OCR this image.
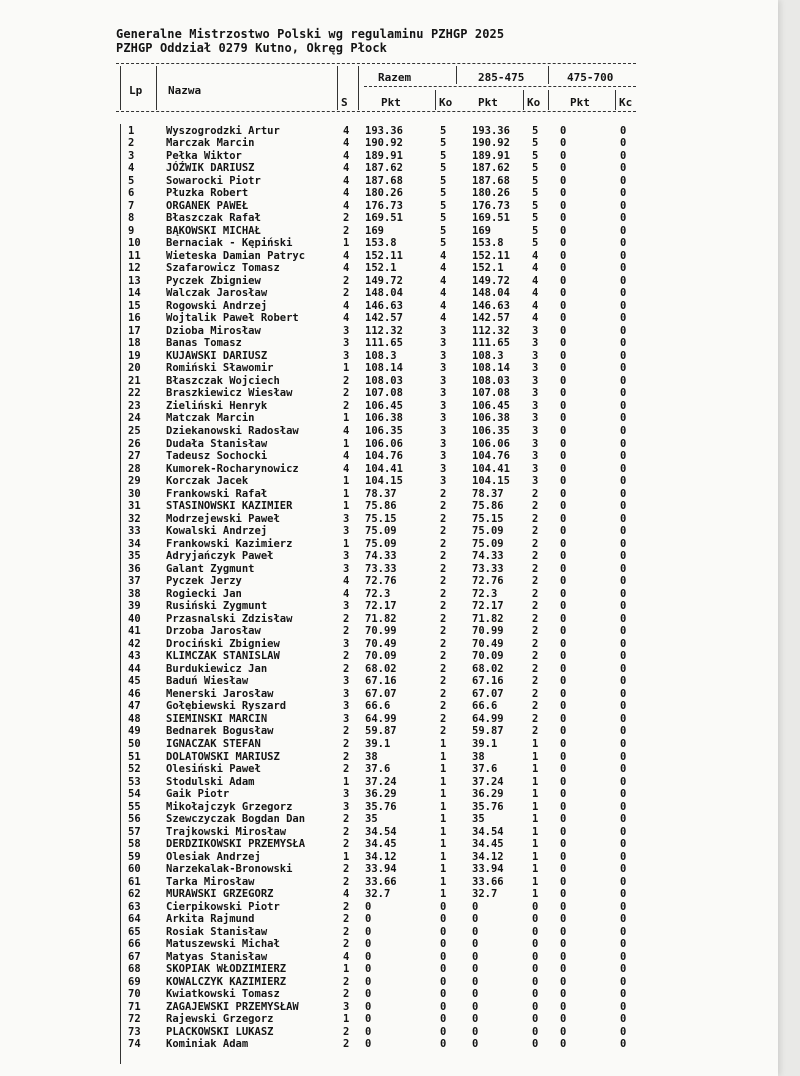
Generalne Mistrzostwo Polski wg regulaminu PZHGP 2025
PZHGP Oddział 0279 Kutno, Okręg Płock
Lp Nazwa
S
Razem	285-475	475-700
Pkt	Ko Pkt	Ko	Pkt	Kc
1	Wyszogrodzki Artur	4 193.36	5 193.36 5 0	0
2	Marczak Marcin	4 190.92	5 190.92 5 0	0
3	Pełka Wiktor	4 189.91	5 189.91 5 0	0
4	JÓŹWIK DARIUSZ	4 187.62	5 187.62 5 0	0
5	Sowarocki Piotr	4 187.68	5 187.68 5 0	0
6	Płuzka Robert	4 180.26	5 180.26 5 0	0
7	ORGANEK PAWEŁ	4 176.73	5 176.73 5 0	0
8	Błaszczak Rafał	2 169.51	5 169.51 5 0	0
9	BĄKOWSKI MICHAŁ	2 169	5 169	5 0	0
10	Bernaciak - Kępiński	1 153.8	5 153.8	5 0	0
11	Wieteska Damian Patryc	4 152.11	4 152.11 4 0	0
12	Szafarowicz Tomasz	4 152.1	4 152.1	4 0	0
13	Pyczek Zbigniew	2 149.72	4 149.72 4 0	0
14	Walczak Jarosław	2 148.04	4 148.04 4 0	0
15	Rogowski Andrzej	4 146.63	4 146.63 4 0	0
16	Wojtalik Paweł Robert	4 142.57	4 142.57 4 0	0
17	Dzioba Mirosław	3 112.32	3 112.32 3 0	0
18	Banas Tomasz	3 111.65	3 111.65 3 0	0
19	KUJAWSKI DARIUSZ	3 108.3	3 108.3	3 0	0
20	Romiński Sławomir	1 108.14	3 108.14 3 0	0
21	Błaszczak Wojciech	2 108.03	3 108.03 3 0	0
22	Braszkiewicz Wiesław	2 107.08	3 107.08 3 0	0
23	Zieliński Henryk	2 106.45	3 106.45 3 0	0
24	Matczak Marcin	1 106.38	3 106.38 3 0	0
25	Dziekanowski Radosław	4 106.35	3 106.35 3 0	0
26	Dudała Stanisław	1 106.06	3 106.06 3 0	0
27	Tadeusz Sochocki	4 104.76	3 104.76 3 0	0
28	Kumorek-Rocharynowicz	4 104.41	3 104.41 3 0	0
29	Korczak Jacek	1 104.15	3 104.15 3 0	0
30	Frankowski Rafał	1 78.37	2 78.37	2 0	0
31	STASINOWSKI KAZIMIER	1 75.86	2 75.86	2 0	0
32	Modrzejewski Paweł	3 75.15	2 75.15	2 0	0
33	Kowalski Andrzej	3 75.09	2 75.09	2 0	0
34	Frankowski Kazimierz	1 75.09	2 75.09	2 0	0
35	Adryjańczyk Paweł	3 74.33	2 74.33	2 0	0
36	Galant Zygmunt	3 73.33	2 73.33	2 0	0
37	Pyczek Jerzy	4 72.76	2 72.76	2 0	0
38	Rogiecki Jan	4 72.3	2 72.3	2 0	0
39	Rusiński Zygmunt	3 72.17	2 72.17	2 0	0
40	Przasnalski Zdzisław	2 71.82	2 71.82	2 0	0
41	Drzoba Jarosław	2 70.99	2 70.99	2 0	0
42	Drociński Zbigniew	3 70.49	2 70.49	2 0	0
43	KLIMCZAK STANISLAW	2 70.09	2 70.09	2 0	0
44	Burdukiewicz Jan	2 68.02	2 68.02	2 0	0
45	Baduń Wiesław	3 67.16	2 67.16	2 0	0
46	Menerski Jarosław	3 67.07	2 67.07	2 0	0
47	Gołębiewski Ryszard	3 66.6	2 66.6	2 0	0
48	SIEMINSKI MARCIN	3 64.99	2 64.99	2 0	0
49	Bednarek Bogusław	2 59.87	2 59.87	2 0	0
50	IGNACZAK STEFAN	2 39.1	1 39.1	1 0	0
51	DOLATOWSKI MARIUSZ	2 38	1 38	1 0	0
52	Olesiński Paweł	2 37.6	1 37.6	1 0	0
53	Stodulski Adam	1 37.24	1 37.24	1 0	0
54	Gaik Piotr	3 36.29	1 36.29	1 0	0
55	Mikołajczyk Grzegorz	3 35.76	1 35.76	1 0	0
56	Szewczyczak Bogdan Dan	2 35	1 35	1 0	0
57	Trajkowski Mirosław	2 34.54	1 34.54	1 0	0
58	DERDZIKOWSKI PRZEMYSŁA	2 34.45	1 34.45	1 0	0
59	Olesiak Andrzej	1 34.12	1 34.12	1 0	0
60	Narzekalak-Bronowski	2 33.94	1 33.94	1 0	0
61	Tarka Mirosław	2 33.66	1 33.66	1 0	0
62	MURAWSKI GRZEGORZ	4 32.7	1 32.7	1 0	0
63	Cierpikowski Piotr	2 0	0 0	0 0	0
64	Arkita Rajmund	2 0	0 0	0 0	0
65	Rosiak Stanisław	2 0	0 0	0 0	0
66	Matuszewski Michał	2 0	0 0	0 0	0
67	Matyas Stanisław	4 0	0 0	0 0	0
68	SKOPIAK WŁODZIMIERZ	1 0	0 0	0 0	0
69	KOWALCZYK KAZIMIERZ	2 0	0 0	0 0	0
70	Kwiatkowski Tomasz	2 0	0 0	0 0	0
71	ZAGAJEWSKI PRZEMYSŁAW	3 0	0 0	0 0	0
72	Rajewski Grzegorz	1 0	0 0	0 0	0
73	PLACKOWSKI LUKASZ	2 0	0 0	0 0	0
74	Kominiak Adam	2 0	0 0	0 0	0
